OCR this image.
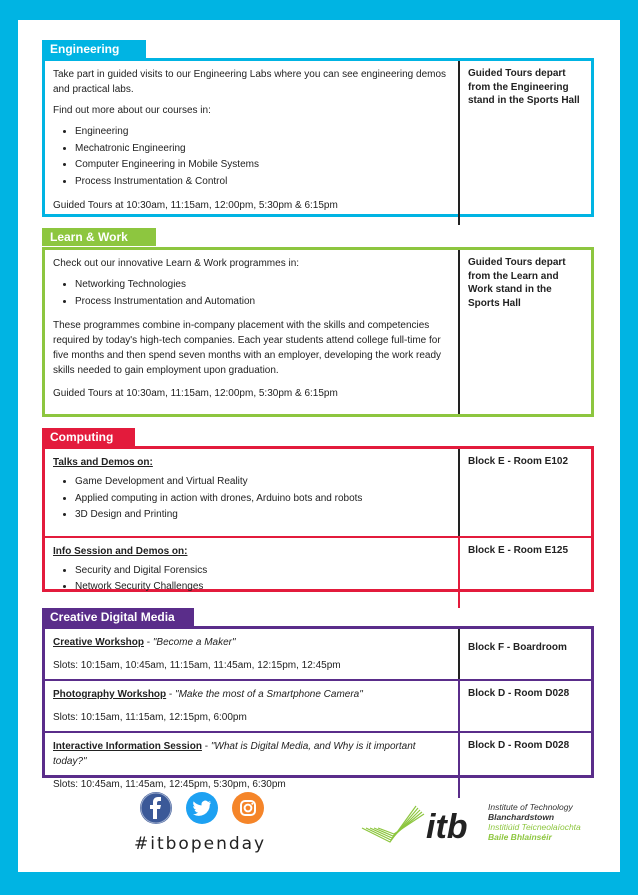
Engineering

Take part in guided visits to our Engineering Labs where you can see engineering demos and practical labs.

Find out more about our courses in:

• Engineering
• Mechatronic Engineering
• Computer Engineering in Mobile Systems
• Process Instrumentation & Control

Guided Tours at 10:30am, 11:15am, 12:00pm, 5:30pm & 6:15pm

Guided Tours depart from the Engineering stand in the Sports Hall
Learn & Work

Check out our innovative Learn & Work programmes in:

• Networking Technologies
• Process Instrumentation and Automation

These programmes combine in-company placement with the skills and competencies required by today's high-tech companies. Each year students attend college full-time for five months and then spend seven months with an employer, developing the work ready skills needed to gain employment upon graduation.

Guided Tours at 10:30am, 11:15am, 12:00pm, 5:30pm & 6:15pm

Guided Tours depart from the Learn and Work stand in the Sports Hall
Computing
Talks and Demos on:
• Game Development and Virtual Reality
• Applied computing in action with drones, Arduino bots and robots
• 3D Design and Printing
Block E - Room E102
Info Session and Demos on:
• Security and Digital Forensics
• Network Security Challenges
Block E - Room E125
Creative Digital Media
Creative Workshop - "Become a Maker"
Slots: 10:15am, 10:45am, 11:15am, 11:45am, 12:15pm, 12:45pm
Block F - Boardroom
Photography Workshop - "Make the most of a Smartphone Camera"
Slots: 10:15am, 11:15am, 12:15pm, 6:00pm
Block D - Room D028
Interactive Information Session - "What is Digital Media, and Why is it important today?"
Slots: 10:45am, 11:45am, 12:45pm, 5:30pm, 6:30pm
Block D - Room D028
#itbopenday	itb
Institute of Technology
Blanchardstown
Institiúid Teicneolaíochta
Baile Bhlainséir
